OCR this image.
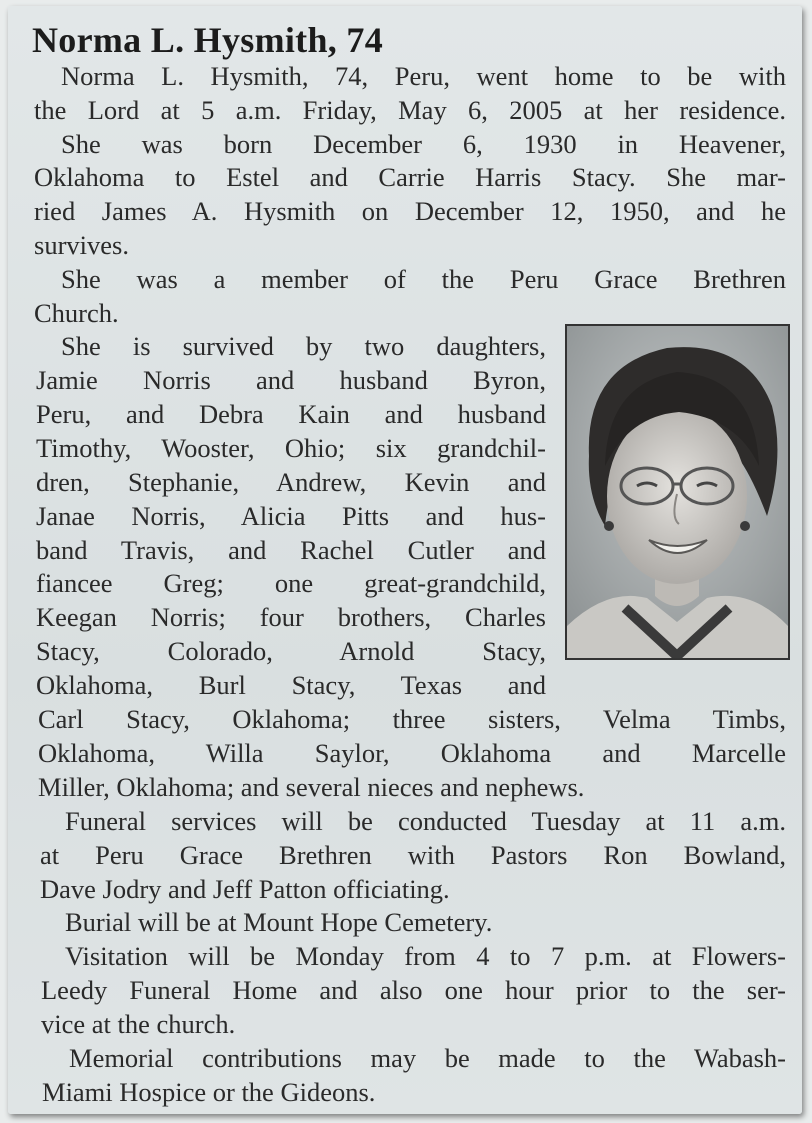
Norma L. Hysmith, 74
Norma L. Hysmith, 74, Peru, went home to be with
the Lord at 5 a.m. Friday, May 6, 2005 at her residence.
She was born December 6, 1930 in Heavener,
Oklahoma to Estel and Carrie Harris Stacy. She mar-
ried James A. Hysmith on December 12, 1950, and he
survives.
She was a member of the Peru Grace Brethren
Church.
She is survived by two daughters,
Jamie Norris and husband Byron,
Peru, and Debra Kain and husband
Timothy, Wooster, Ohio; six grandchil-
dren, Stephanie, Andrew, Kevin and
Janae Norris, Alicia Pitts and hus-
band Travis, and Rachel Cutler and
fiancee Greg; one great-grandchild,
Keegan Norris; four brothers, Charles
Stacy, Colorado, Arnold Stacy,
Oklahoma, Burl Stacy, Texas and
Carl Stacy, Oklahoma; three sisters, Velma Timbs,
Oklahoma, Willa Saylor, Oklahoma and Marcelle
Miller, Oklahoma; and several nieces and nephews.
Funeral services will be conducted Tuesday at 11 a.m.
at Peru Grace Brethren with Pastors Ron Bowland,
Dave Jodry and Jeff Patton officiating.
Burial will be at Mount Hope Cemetery.
Visitation will be Monday from 4 to 7 p.m. at Flowers-
Leedy Funeral Home and also one hour prior to the ser-
vice at the church.
Memorial contributions may be made to the Wabash-
Miami Hospice or the Gideons.
